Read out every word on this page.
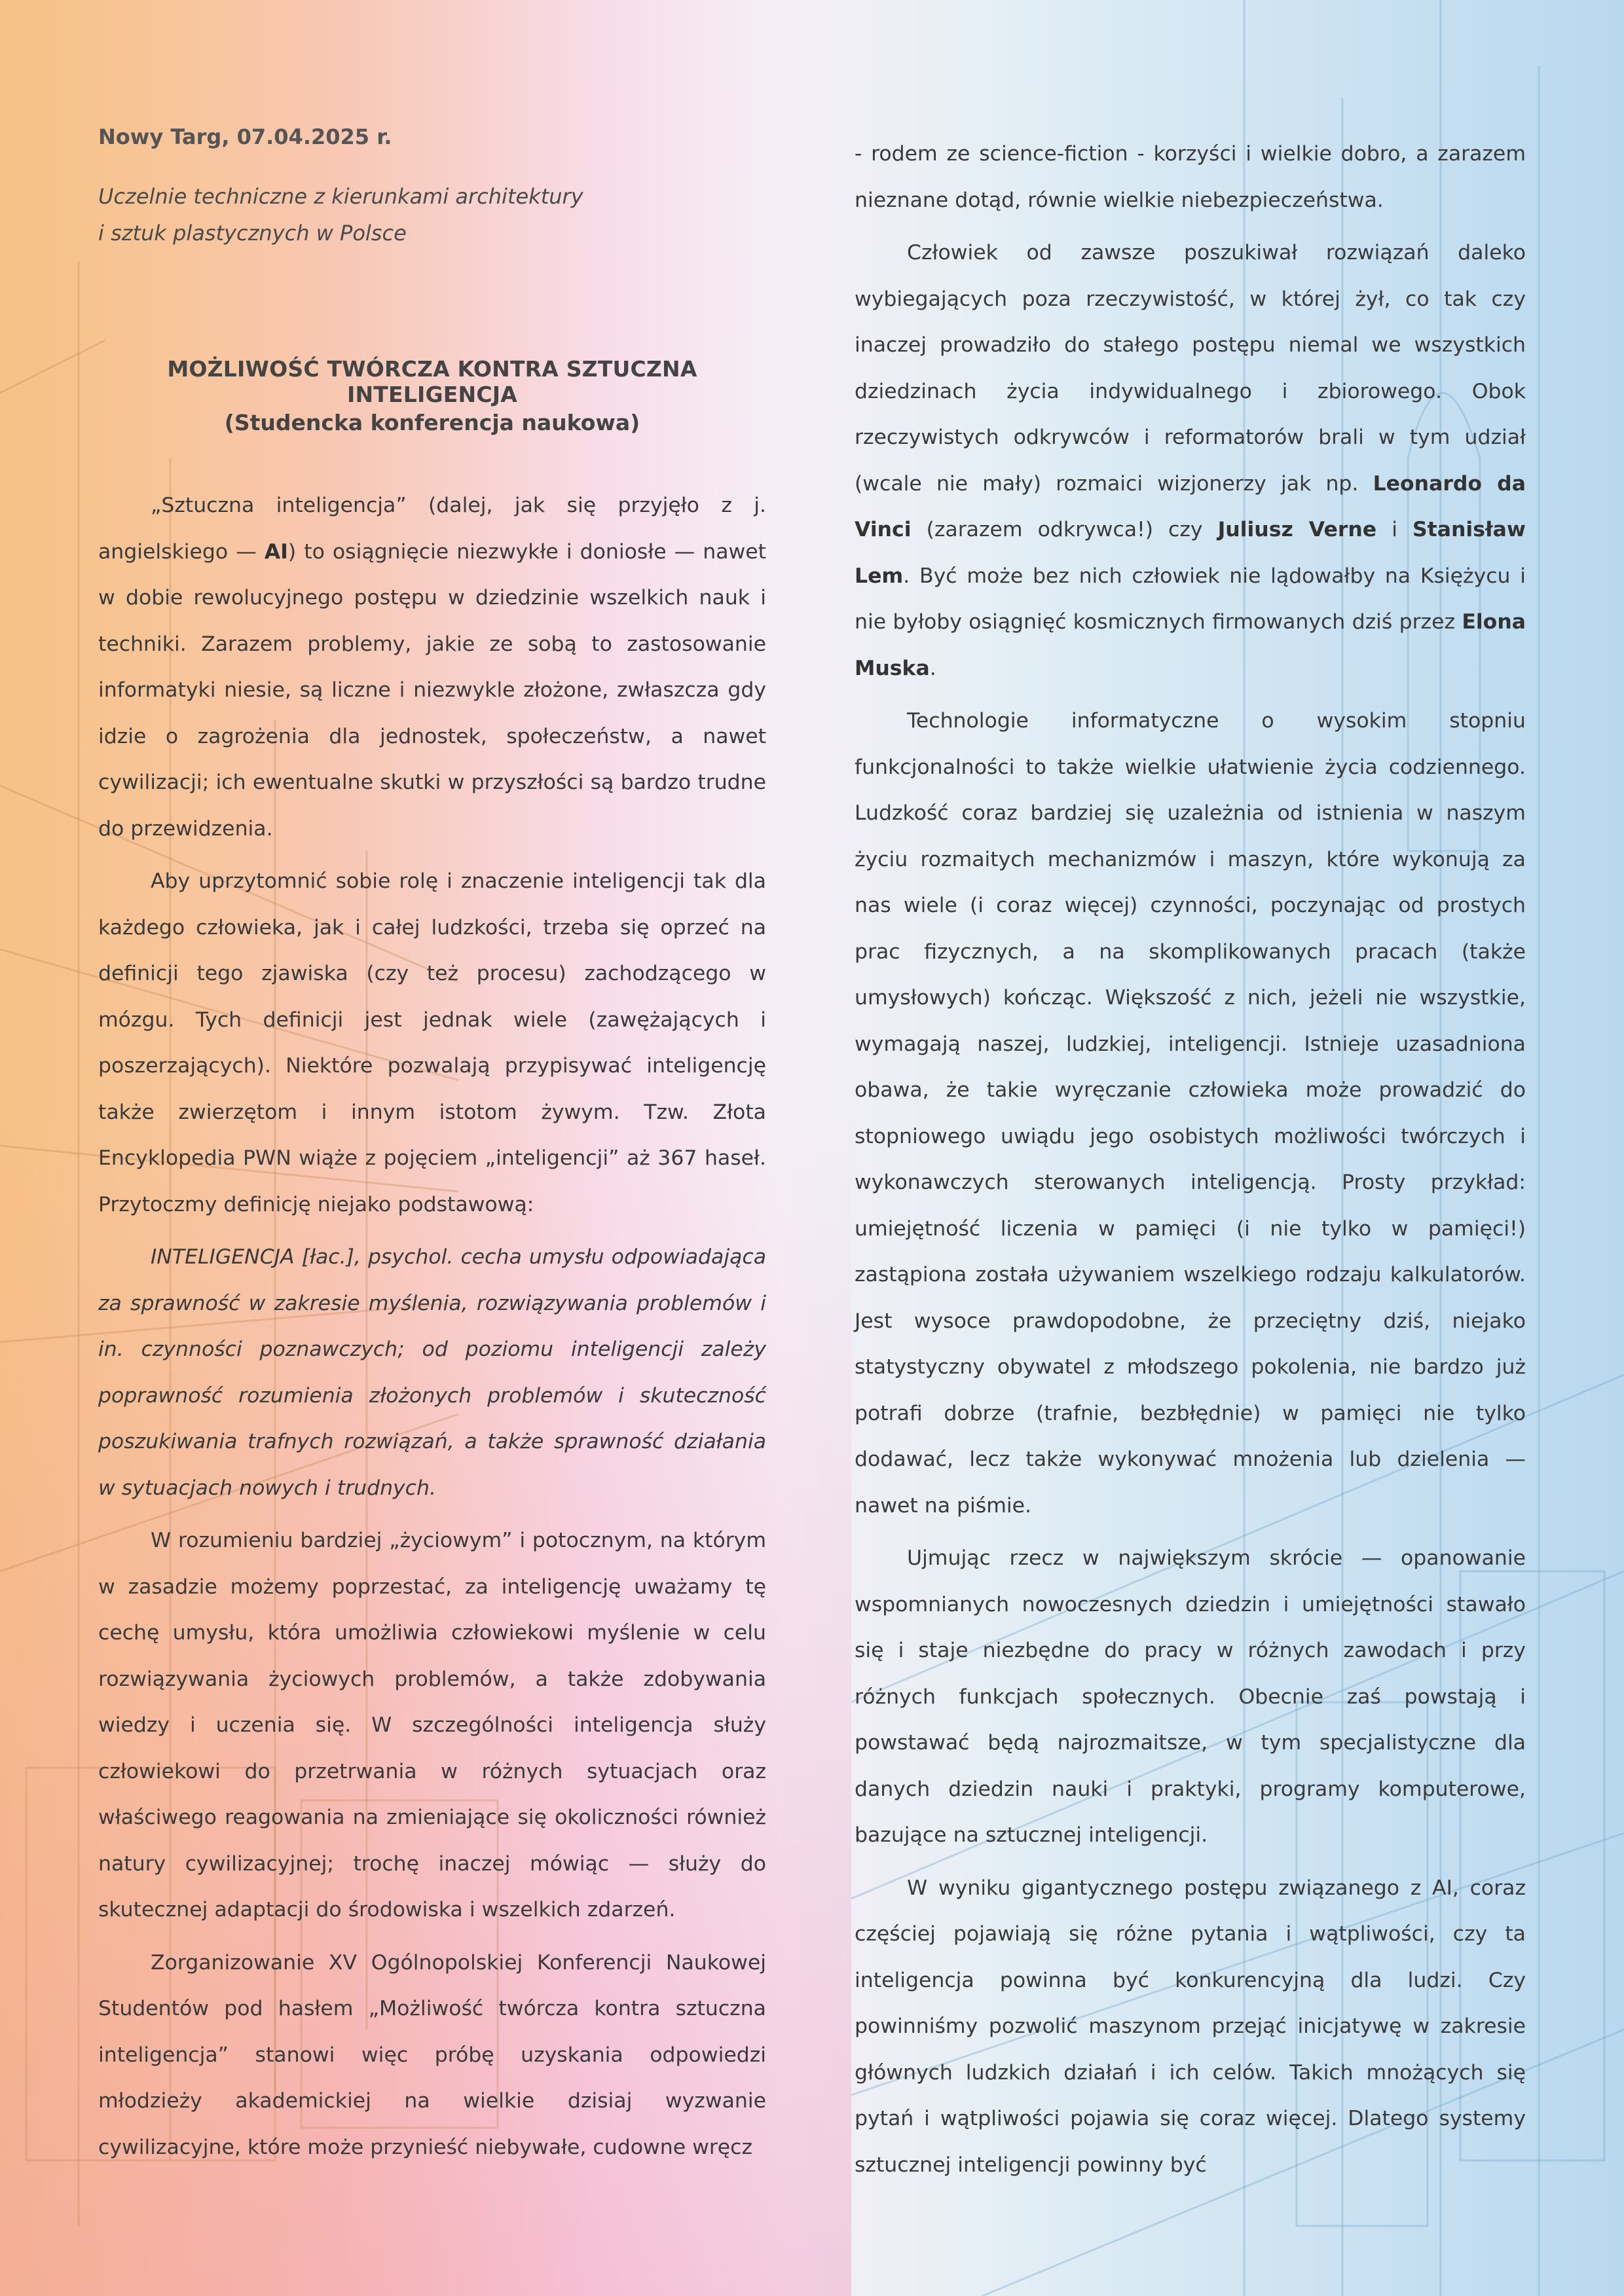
Nowy Targ, 07.04.2025 r.
Uczelnie techniczne z kierunkami architektury
i sztuk plastycznych w Polsce
MOŻLIWOŚĆ TWÓRCZA KONTRA SZTUCZNA INTELIGENCJA
(Studencka konferencja naukowa)

„Sztuczna inteligencja” (dalej, jak się przyjęło z j. angielskiego — AI) to osiągnięcie niezwykłe i doniosłe — nawet w dobie rewolucyjnego postępu w dziedzinie wszelkich nauk i techniki. Zarazem problemy, jakie ze sobą to zastosowanie informatyki niesie, są liczne i niezwykle złożone, zwłaszcza gdy idzie o zagrożenia dla jednostek, społeczeństw, a nawet cywilizacji; ich ewentualne skutki w przyszłości są bardzo trudne do przewidzenia.

Aby uprzytomnić sobie rolę i znaczenie inteligencji tak dla każdego człowieka, jak i całej ludzkości, trzeba się oprzeć na definicji tego zjawiska (czy też procesu) zachodzącego w mózgu. Tych definicji jest jednak wiele (zawężających i poszerzających). Niektóre pozwalają przypisywać inteligencję także zwierzętom i innym istotom żywym. Tzw. Złota Encyklopedia PWN wiąże z pojęciem „inteligencji” aż 367 haseł. Przytoczmy definicję niejako podstawową:

INTELIGENCJA [łac.], psychol. cecha umysłu odpowiadająca za sprawność w zakresie myślenia, rozwiązywania problemów i in. czynności poznawczych; od poziomu inteligencji zależy poprawność rozumienia złożonych problemów i skuteczność poszukiwania trafnych rozwiązań, a także sprawność działania w sytuacjach nowych i trudnych.

W rozumieniu bardziej „życiowym” i potocznym, na którym w zasadzie możemy poprzestać, za inteligencję uważamy tę cechę umysłu, która umożliwia człowiekowi myślenie w celu rozwiązywania życiowych problemów, a także zdobywania wiedzy i uczenia się. W szczególności inteligencja służy człowiekowi do przetrwania w różnych sytuacjach oraz właściwego reagowania na zmieniające się okoliczności również natury cywilizacyjnej; trochę inaczej mówiąc — służy do skutecznej adaptacji do środowiska i wszelkich zdarzeń.

Zorganizowanie XV Ogólnopolskiej Konferencji Naukowej Studentów pod hasłem „Możliwość twórcza kontra sztuczna inteligencja” stanowi więc próbę uzyskania odpowiedzi młodzieży akademickiej na wielkie dzisiaj wyzwanie cywilizacyjne, które może przynieść niebywałe, cudowne wręcz

- rodem ze science-fiction - korzyści i wielkie dobro, a zarazem nieznane dotąd, równie wielkie niebezpieczeństwa.

Człowiek od zawsze poszukiwał rozwiązań daleko wybiegających poza rzeczywistość, w której żył, co tak czy inaczej prowadziło do stałego postępu niemal we wszystkich dziedzinach życia indywidualnego i zbiorowego. Obok rzeczywistych odkrywców i reformatorów brali w tym udział (wcale nie mały) rozmaici wizjonerzy jak np. Leonardo da Vinci (zarazem odkrywca!) czy Juliusz Verne i Stanisław Lem. Być może bez nich człowiek nie lądowałby na Księżycu i nie byłoby osiągnięć kosmicznych firmowanych dziś przez Elona Muska.

Technologie informatyczne o wysokim stopniu funkcjonalności to także wielkie ułatwienie życia codziennego. Ludzkość coraz bardziej się uzależnia od istnienia w naszym życiu rozmaitych mechanizmów i maszyn, które wykonują za nas wiele (i coraz więcej) czynności, poczynając od prostych prac fizycznych, a na skomplikowanych pracach (także umysłowych) kończąc. Większość z nich, jeżeli nie wszystkie, wymagają naszej, ludzkiej, inteligencji. Istnieje uzasadniona obawa, że takie wyręczanie człowieka może prowadzić do stopniowego uwiądu jego osobistych możliwości twórczych i wykonawczych sterowanych inteligencją. Prosty przykład: umiejętność liczenia w pamięci (i nie tylko w pamięci!) zastąpiona została używaniem wszelkiego rodzaju kalkulatorów. Jest wysoce prawdopodobne, że przeciętny dziś, niejako statystyczny obywatel z młodszego pokolenia, nie bardzo już potrafi dobrze (trafnie, bezbłędnie) w pamięci nie tylko dodawać, lecz także wykonywać mnożenia lub dzielenia — nawet na piśmie.

Ujmując rzecz w największym skrócie — opanowanie wspomnianych nowoczesnych dziedzin i umiejętności stawało się i staje niezbędne do pracy w różnych zawodach i przy różnych funkcjach społecznych. Obecnie zaś powstają i powstawać będą najrozmaitsze, w tym specjalistyczne dla danych dziedzin nauki i praktyki, programy komputerowe, bazujące na sztucznej inteligencji.

W wyniku gigantycznego postępu związanego z AI, coraz częściej pojawiają się różne pytania i wątpliwości, czy ta inteligencja powinna być konkurencyjną dla ludzi. Czy powinniśmy pozwolić maszynom przejąć inicjatywę w zakresie głównych ludzkich działań i ich celów. Takich mnożących się pytań i wątpliwości pojawia się coraz więcej. Dlatego systemy sztucznej inteligencji powinny być
